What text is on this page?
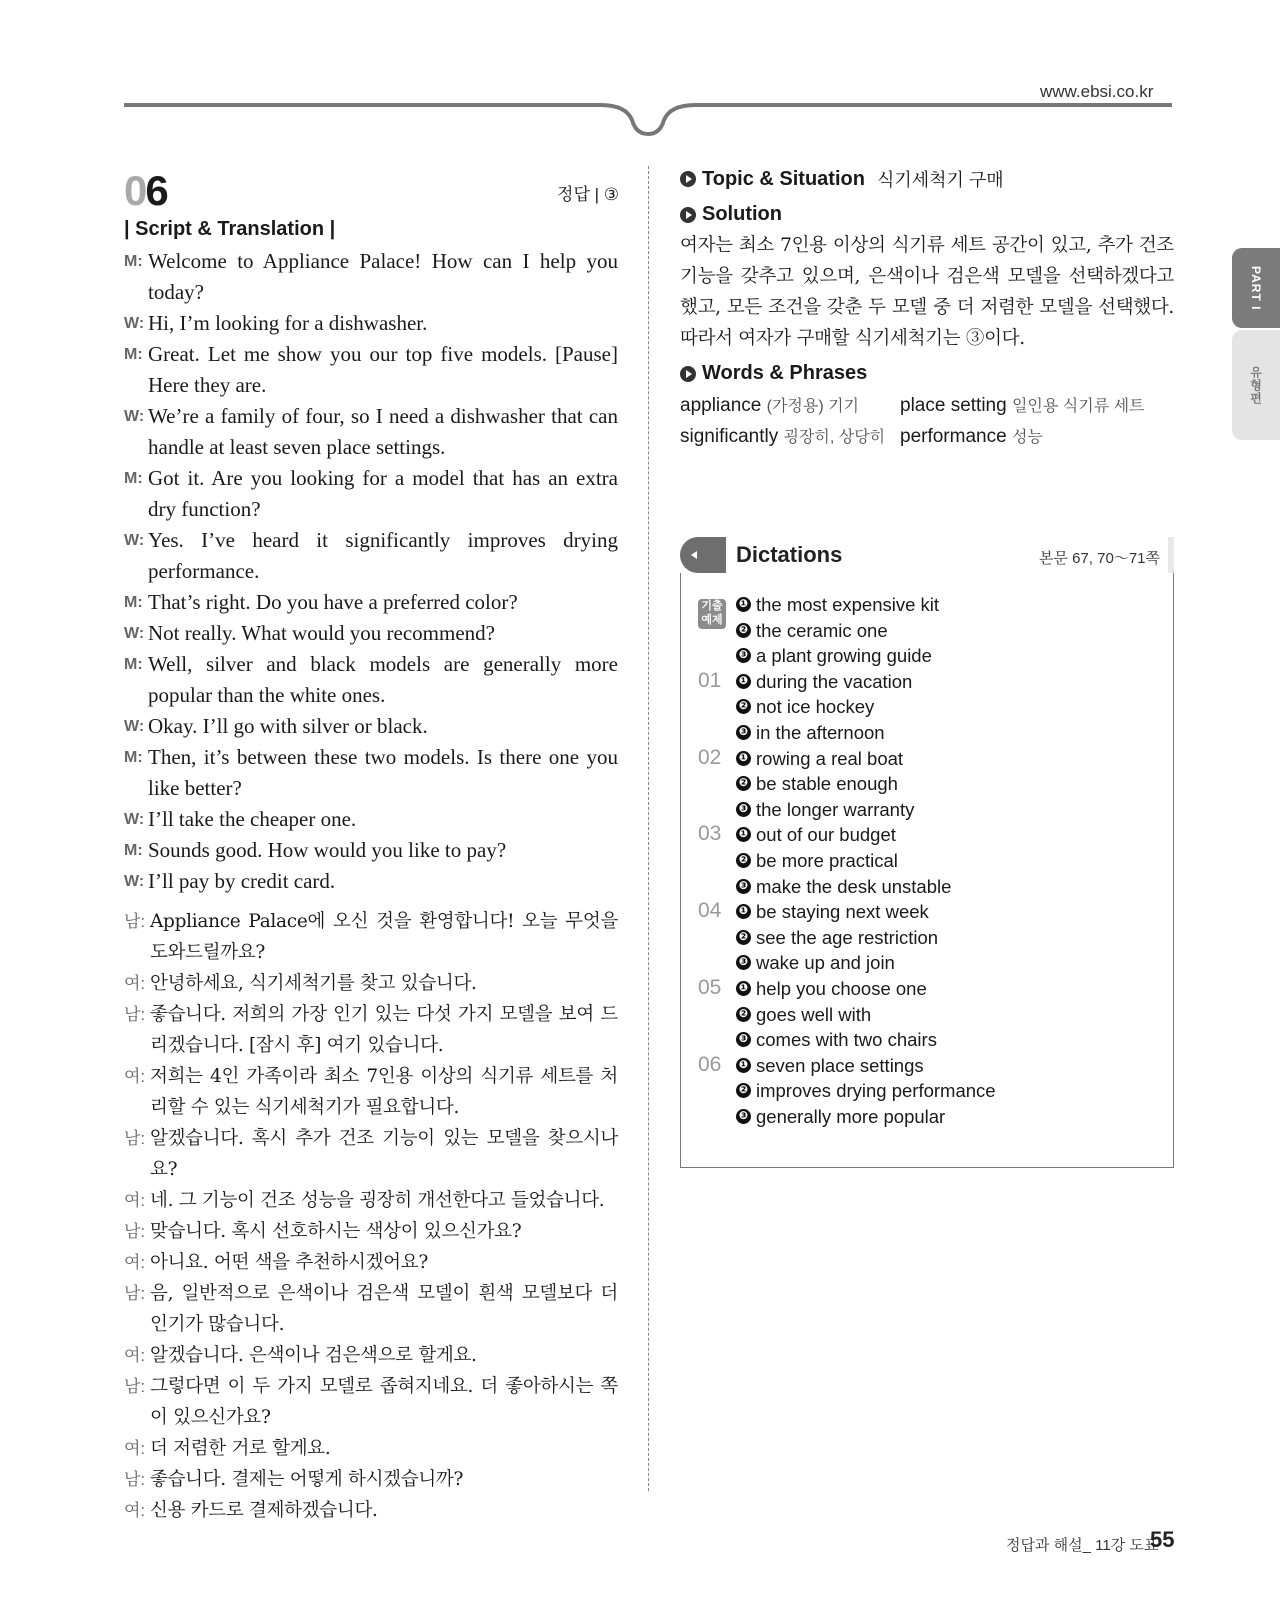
www.ebsi.co.kr
PART I
유형편
06	정답 | ③
| Script & Translation |
M: Welcome to Appliance Palace! How can I help you today?
W: Hi, I’m looking for a dishwasher.
M: Great. Let me show you our top five models. [Pause] Here they are.
W: We’re a family of four, so I need a dishwasher that can handle at least seven place settings.
M: Got it. Are you looking for a model that has an extra dry function?
W: Yes. I’ve heard it significantly improves drying performance.
M: That’s right. Do you have a preferred color?
W: Not really. What would you recommend?
M: Well, silver and black models are generally more popular than the white ones.
W: Okay. I’ll go with silver or black.
M: Then, it’s between these two models. Is there one you like better?
W: I’ll take the cheaper one.
M: Sounds good. How would you like to pay?
W: I’ll pay by credit card.
남: Appliance Palace에 오신 것을 환영합니다! 오늘 무엇을 도와드릴까요?
여: 안녕하세요, 식기세척기를 찾고 있습니다.
남: 좋습니다. 저희의 가장 인기 있는 다섯 가지 모델을 보여 드리겠습니다. [잠시 후] 여기 있습니다.
여: 저희는 4인 가족이라 최소 7인용 이상의 식기류 세트를 처리할 수 있는 식기세척기가 필요합니다.
남: 알겠습니다. 혹시 추가 건조 기능이 있는 모델을 찾으시나요?
여: 네. 그 기능이 건조 성능을 굉장히 개선한다고 들었습니다.
남: 맞습니다. 혹시 선호하시는 색상이 있으신가요?
여: 아니요. 어떤 색을 추천하시겠어요?
남: 음, 일반적으로 은색이나 검은색 모델이 흰색 모델보다 더 인기가 많습니다.
여: 알겠습니다. 은색이나 검은색으로 할게요.
남: 그렇다면 이 두 가지 모델로 좁혀지네요. 더 좋아하시는 쪽이 있으신가요?
여: 더 저렴한 거로 할게요.
남: 좋습니다. 결제는 어떻게 하시겠습니까?
여: 신용 카드로 결제하겠습니다.
Topic & Situation 식기세척기 구매
Solution
여자는 최소 7인용 이상의 식기류 세트 공간이 있고, 추가 건조 기능을 갖추고 있으며, 은색이나 검은색 모델을 선택하겠다고 했고, 모든 조건을 갖춘 두 모델 중 더 저렴한 모델을 선택했다. 따라서 여자가 구매할 식기세척기는 ③이다.
Words & Phrases
appliance (가정용) 기기 place setting 일인용 식기류 세트
significantly 굉장히, 상당히 performance 성능
Dictations	본문 67, 70～71쪽
기출
예제
❶ the most expensive kit
❷ the ceramic one
❸ a plant growing guide
01	❶ during the vacation
❷ not ice hockey
❸ in the afternoon
02	❶ rowing a real boat
❷ be stable enough
❸ the longer warranty
03	❶ out of our budget
❷ be more practical
❸ make the desk unstable
04	❶ be staying next week
❷ see the age restriction
❸ wake up and join
05	❶ help you choose one
❷ goes well with
❸ comes with two chairs
06	❶ seven place settings
❷ improves drying performance
❸ generally more popular
정답과 해설_ 11강 도표
55
